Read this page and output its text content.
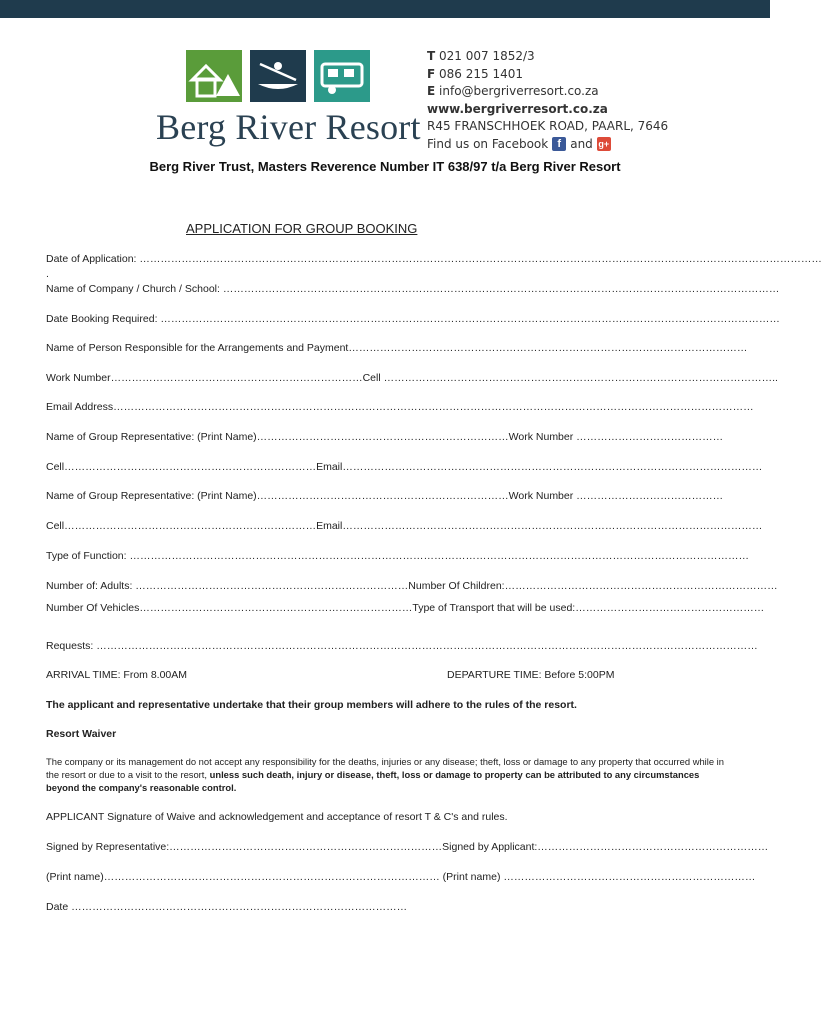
Berg River Resort
T 021 007 1852/3
F 086 215 1401
E info@bergriverresort.co.za
www.bergriverresort.co.za
R45 FRANSCHHOEK ROAD, PAARL, 7646
Find us on Facebook f and g+
Berg River Trust, Masters Reverence Number IT 638/97 t/a Berg River Resort
APPLICATION FOR GROUP BOOKING
Date of Application: ……………………………………………………………………………………………………………………………………………………………………………
.
Name of Company / Church / School: ……………………………………………………………………………………………………………………………………………
Date Booking Required: ……………………………………………………………………………………………………………………………………………………………
Name of Person Responsible for the Arrangements and Payment……………………………………………………………………………………………………
Work Number………………………………………………………………Cell …………………………………………………………………………………………………..
Email Address…………………………………………………………………………………………………………………………………………………………………
Name of Group Representative: (Print Name)………………………………………………………………Work Number ……………………………………
Cell………………………………………………………………Email…………………………………………………………………………………………………………
Name of Group Representative: (Print Name)………………………………………………………………Work Number ……………………………………
Cell………………………………………………………………Email…………………………………………………………………………………………………………
Type of Function: ……………………………………………………………………………………………………………………………………………………………
Number of: Adults: ……………………………………………………………………Number Of Children:……………………………………………………………………
Number Of Vehicles……………………………………………………………………Type of Transport that will be used:………………………………………………
Requests: ………………………………………………………………………………………………………………………………………………………………………
ARRIVAL TIME: From 8.00AM	DEPARTURE TIME: Before 5:00PM
The applicant and representative undertake that their group members will adhere to the rules of the resort.
Resort Waiver
The company or its management do not accept any responsibility for the deaths, injuries or any disease; theft, loss or damage to any property that occurred while in the resort or due to a visit to the resort, unless such death, injury or disease, theft, loss or damage to property can be attributed to any circumstances beyond the company's reasonable control.
APPLICANT Signature of Waive and acknowledgement and acceptance of resort T & C's and rules.
Signed by Representative:……………………………………………………………………Signed by Applicant:…………………………………………………………
(Print name)…………………………………………………………………………………… (Print name) ………………………………………………………………
Date ……………………………………………………………………………………
